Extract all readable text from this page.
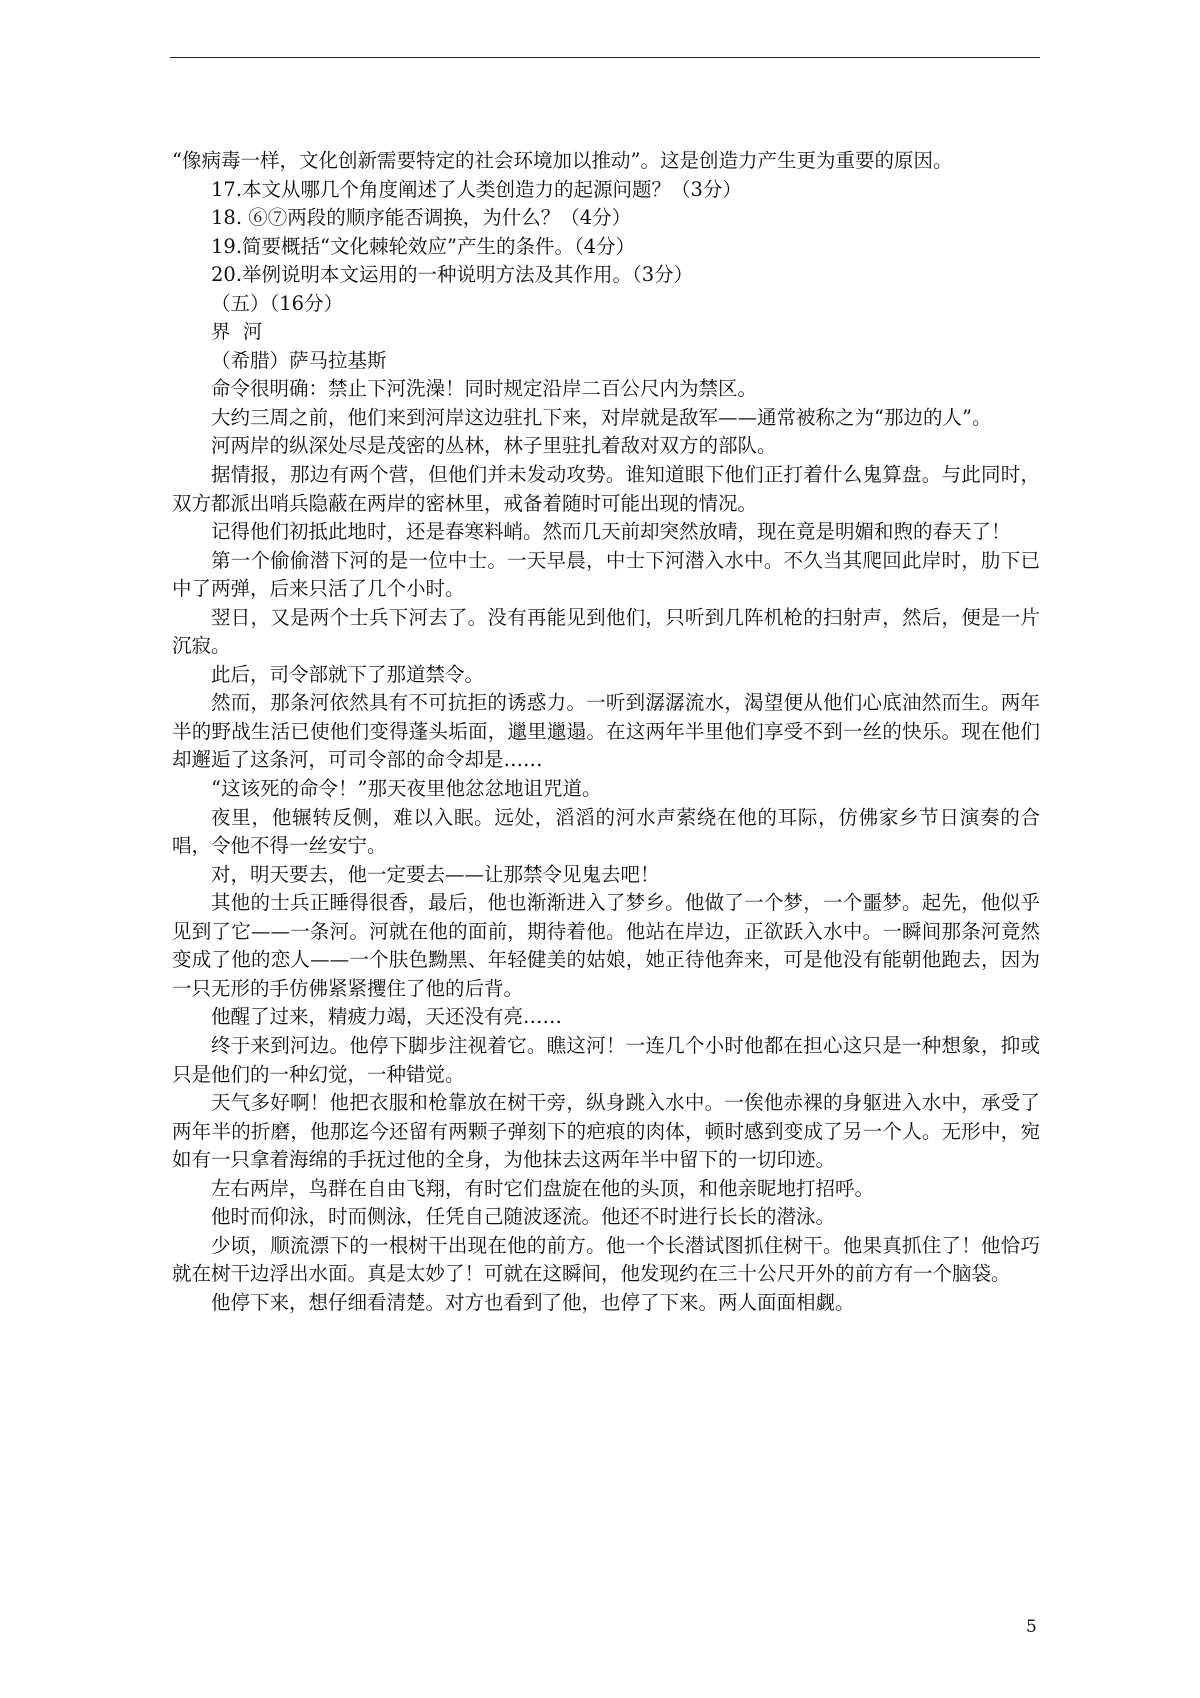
“像病毒一样，文化创新需要特定的社会环境加以推动”。这是创造力产生更为重要的原因。

17.本文从哪几个角度阐述了人类创造力的起源问题？（3分）

18. ⑥⑦两段的顺序能否调换，为什么？（4分）

19.简要概括“文化棘轮效应”产生的条件。（4分）

20.举例说明本文运用的一种说明方法及其作用。（3分）

（五）（16分）

界  河

（希腊）萨马拉基斯

命令很明确：禁止下河洗澡！同时规定沿岸二百公尺内为禁区。

大约三周之前，他们来到河岸这边驻扎下来，对岸就是敌军——通常被称之为“那边的人”。

河两岸的纵深处尽是茂密的丛林，林子里驻扎着敌对双方的部队。

据情报，那边有两个营，但他们并未发动攻势。谁知道眼下他们正打着什么鬼算盘。与此同时，双方都派出哨兵隐蔽在两岸的密林里，戒备着随时可能出现的情况。

记得他们初抵此地时，还是春寒料峭。然而几天前却突然放晴，现在竟是明媚和煦的春天了！

第一个偷偷潜下河的是一位中士。一天早晨，中士下河潜入水中。不久当其爬回此岸时，肋下已中了两弹，后来只活了几个小时。

翌日，又是两个士兵下河去了。没有再能见到他们，只听到几阵机枪的扫射声，然后，便是一片沉寂。

此后，司令部就下了那道禁令。

然而，那条河依然具有不可抗拒的诱惑力。一听到潺潺流水，渴望便从他们心底油然而生。两年半的野战生活已使他们变得蓬头垢面，邋里邋遢。在这两年半里他们享受不到一丝的快乐。现在他们却邂逅了这条河，可司令部的命令却是……

“这该死的命令！”那天夜里他忿忿地诅咒道。

夜里，他辗转反侧，难以入眠。远处，滔滔的河水声萦绕在他的耳际，仿佛家乡节日演奏的合唱，令他不得一丝安宁。

对，明天要去，他一定要去——让那禁令见鬼去吧！

其他的士兵正睡得很香，最后，他也渐渐进入了梦乡。他做了一个梦，一个噩梦。起先，他似乎见到了它——一条河。河就在他的面前，期待着他。他站在岸边，正欲跃入水中。一瞬间那条河竟然变成了他的恋人——一个肤色黝黑、年轻健美的姑娘，她正待他奔来，可是他没有能朝他跑去，因为一只无形的手仿佛紧紧攫住了他的后背。

他醒了过来，精疲力竭，天还没有亮……

终于来到河边。他停下脚步注视着它。瞧这河！一连几个小时他都在担心这只是一种想象，抑或只是他们的一种幻觉，一种错觉。

天气多好啊！他把衣服和枪靠放在树干旁，纵身跳入水中。一俟他赤裸的身躯进入水中，承受了两年半的折磨，他那迄今还留有两颗子弹刻下的疤痕的肉体，顿时感到变成了另一个人。无形中，宛如有一只拿着海绵的手抚过他的全身，为他抹去这两年半中留下的一切印迹。

左右两岸，鸟群在自由飞翔，有时它们盘旋在他的头顶，和他亲昵地打招呼。

他时而仰泳，时而侧泳，任凭自己随波逐流。他还不时进行长长的潜泳。

少顷，顺流漂下的一根树干出现在他的前方。他一个长潜试图抓住树干。他果真抓住了！他恰巧就在树干边浮出水面。真是太妙了！可就在这瞬间，他发现约在三十公尺开外的前方有一个脑袋。

他停下来，想仔细看清楚。对方也看到了他，也停了下来。两人面面相觑。

5
